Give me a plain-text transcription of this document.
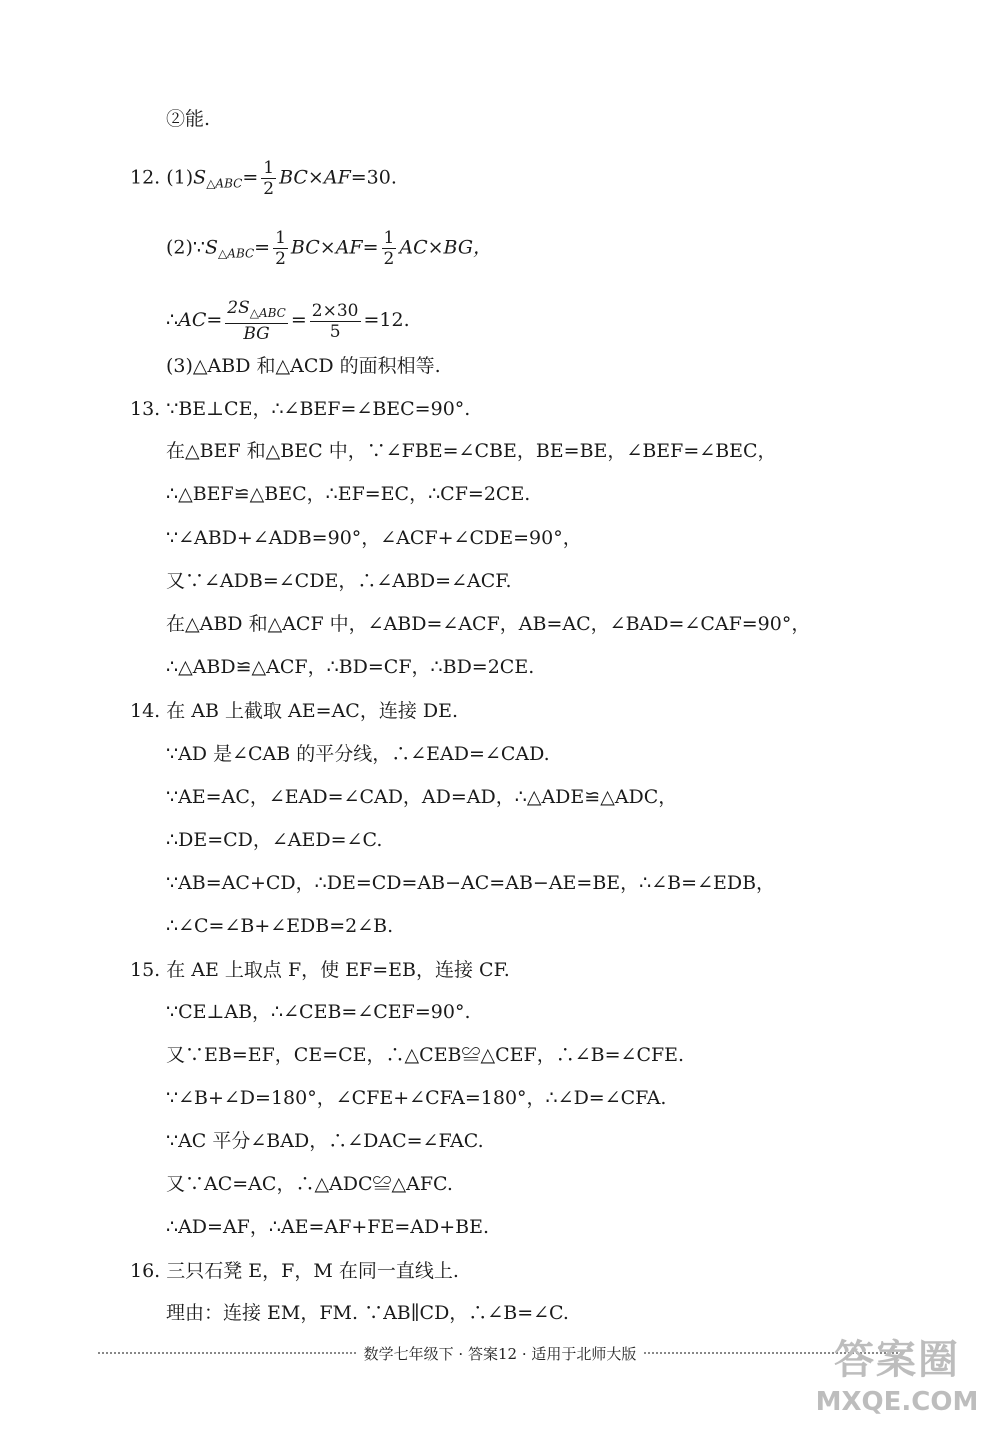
②能.
12. $(1)S_{\triangle ABC}= \frac{1}{2} BC\times AF=30$.
$(2)\because S_{\triangle ABC}= \frac{1}{2} BC\times AF= \frac{1}{2} AC\times BG$，
∴AC= $\frac{2S_{\triangle ABC}}{BG} = \frac{2\times 30}{5} =12$.
(3)△ABD 和△ACD 的面积相等.
13. ∵BE⊥CE，∴∠BEF=∠BEC=90°.
在△BEF 和△BEC 中，∵∠FBE=∠CBE，BE=BE，∠BEF=∠BEC，
∴△BEF≌△BEC，∴EF=EC，∴CF=2CE.
∵∠ABD+∠ADB=90°，∠ACF+∠CDE=90°，
又∵∠ADB=∠CDE，∴∠ABD=∠ACF.
在△ABD 和△ACF 中，∠ABD=∠ACF，AB=AC，∠BAD=∠CAF=90°，
∴△ABD≌△ACF，∴BD=CF，∴BD=2CE.
14. 在 AB 上截取 AE=AC，连接 DE.
∵AD 是∠CAB 的平分线，∴∠EAD=∠CAD.
∵AE=AC，∠EAD=∠CAD，AD=AD，∴△ADE≌△ADC，
∴DE=CD，∠AED=∠C.
∵AB=AC+CD，∴DE=CD=AB−AC=AB−AE=BE，∴∠B=∠EDB，
∴∠C=∠B+∠EDB=2∠B.
15. 在 AE 上取点 F，使 EF=EB，连接 CF.
∵CE⊥AB，∴∠CEB=∠CEF=90°.
又∵EB=EF，CE=CE，∴△CEB≌△CEF，∴∠B=∠CFE.
∵∠B+∠D=180°，∠CFE+∠CFA=180°，∴∠D=∠CFA.
∵AC 平分∠BAD，∴∠DAC=∠FAC.
又∵AC=AC，∴△ADC≌△AFC.
∴AD=AF，∴AE=AF+FE=AD+BE.
16. 三只石凳 E，F，M 在同一直线上.
理由：连接 EM，FM. ∵AB∥CD，∴∠B=∠C.
数学七年级下 · 答案12 · 适用于北师大版	答案圈
MXQE.COM
